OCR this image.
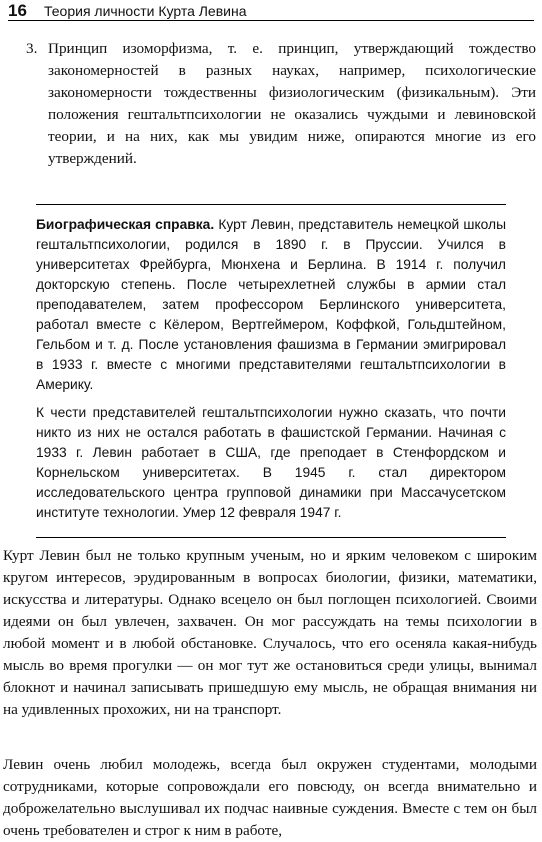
16 Теория личности Курта Левина
3. Принцип изоморфизма, т. е. принцип, утверждающий тождество закономерностей в разных науках, например, психологические закономерности тождественны физиологическим (физикальным). Эти положения гештальтпсихологии не оказались чуждыми и левиновской теории, и на них, как мы увидим ниже, опираются многие из его утверждений.

Биографическая справка. Курт Левин, представитель немецкой школы гештальтпсихологии, родился в 1890 г. в Пруссии. Учился в университетах Фрейбурга, Мюнхена и Берлина. В 1914 г. получил докторскую степень. После четырехлетней службы в армии стал преподавателем, затем профессором Берлинского университета, работал вместе с Кёлером, Вертгеймером, Коффкой, Гольдштейном, Гельбом и т. д. После установления фашизма в Германии эмигрировал в 1933 г. вместе с многими представителями гештальтпсихологии в Америку.

К чести представителей гештальтпсихологии нужно сказать, что почти никто из них не остался работать в фашистской Германии. Начиная с 1933 г. Левин работает в США, где преподает в Стенфордском и Корнельском университетах. В 1945 г. стал директором исследовательского центра групповой динамики при Массачусетском институте технологии. Умер 12 февраля 1947 г.

Курт Левин был не только крупным ученым, но и ярким человеком с широким кругом интересов, эрудированным в вопросах биологии, физики, математики, искусства и литературы. Однако всецело он был поглощен психологией. Своими идеями он был увлечен, захвачен. Он мог рассуждать на темы психологии в любой момент и в любой обстановке. Случалось, что его осеняла какая-нибудь мысль во время прогулки — он мог тут же остановиться среди улицы, вынимал блокнот и начинал записывать пришедшую ему мысль, не обращая внимания ни на удивленных прохожих, ни на транспорт.
Левин очень любил молодежь, всегда был окружен студентами, молодыми сотрудниками, которые сопровождали его повсюду, он всегда внимательно и доброжелательно выслушивал их подчас наивные суждения. Вместе с тем он был очень требователен и строг к ним в работе,
